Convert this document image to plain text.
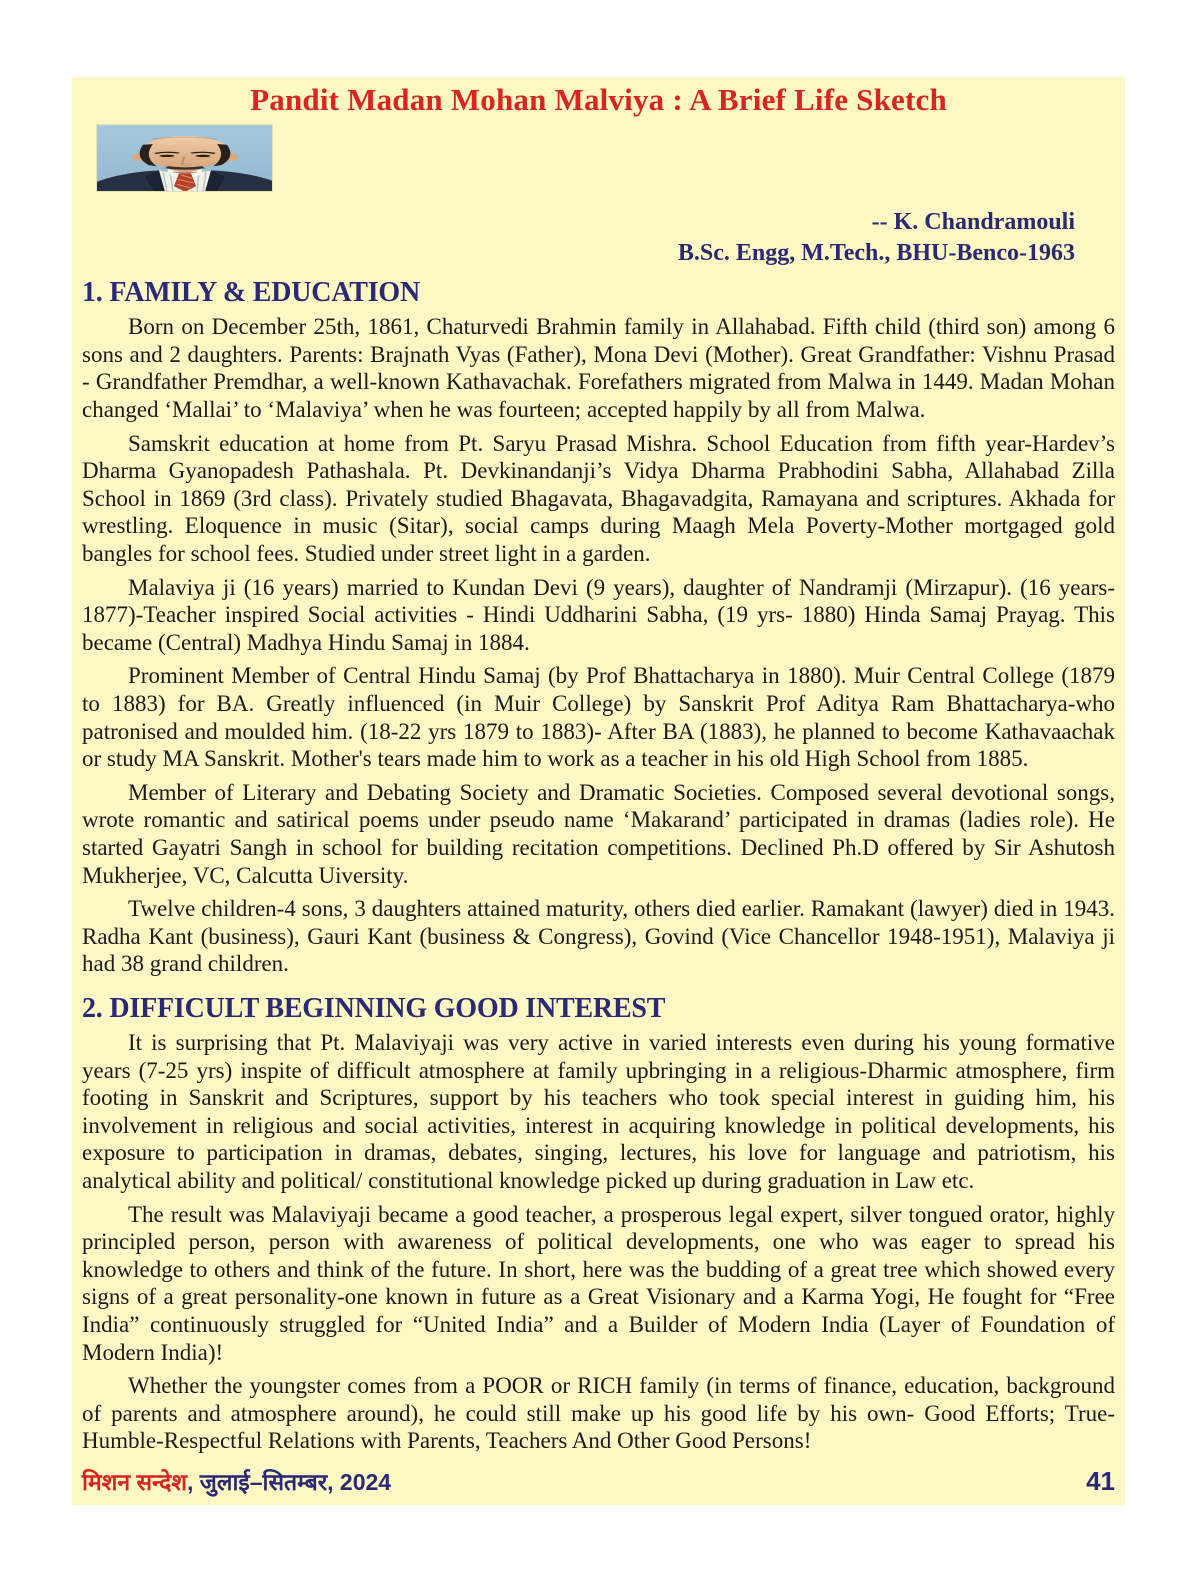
Pandit Madan Mohan Malviya : A Brief Life Sketch
-- K. Chandramouli
B.Sc. Engg, M.Tech., BHU-Benco-1963
1. FAMILY & EDUCATION

Born on December 25th, 1861, Chaturvedi Brahmin family in Allahabad. Fifth child (third son) among 6 sons and 2 daughters. Parents: Brajnath Vyas (Father), Mona Devi (Mother). Great Grandfather: Vishnu Prasad - Grandfather Premdhar, a well-known Kathavachak. Forefathers migrated from Malwa in 1449. Madan Mohan changed ‘Mallai’ to ‘Malaviya’ when he was fourteen; accepted happily by all from Malwa.

Samskrit education at home from Pt. Saryu Prasad Mishra. School Education from fifth year-Hardev’s Dharma Gyanopadesh Pathashala. Pt. Devkinandanji’s Vidya Dharma Prabhodini Sabha, Allahabad Zilla School in 1869 (3rd class). Privately studied Bhagavata, Bhagavadgita, Ramayana and scriptures. Akhada for wrestling. Eloquence in music (Sitar), social camps during Maagh Mela Poverty-Mother mortgaged gold bangles for school fees. Studied under street light in a garden.

Malaviya ji (16 years) married to Kundan Devi (9 years), daughter of Nandramji (Mirzapur). (16 years-1877)-Teacher inspired Social activities - Hindi Uddharini Sabha, (19 yrs- 1880) Hinda Samaj Prayag. This became (Central) Madhya Hindu Samaj in 1884.

Prominent Member of Central Hindu Samaj (by Prof Bhattacharya in 1880). Muir Central College (1879 to 1883) for BA. Greatly influenced (in Muir College) by Sanskrit Prof Aditya Ram Bhattacharya-who patronised and moulded him. (18-22 yrs 1879 to 1883)- After BA (1883), he planned to become Kathavaachak or study MA Sanskrit. Mother's tears made him to work as a teacher in his old High School from 1885.

Member of Literary and Debating Society and Dramatic Societies. Composed several devotional songs, wrote romantic and satirical poems under pseudo name ‘Makarand’ participated in dramas (ladies role). He started Gayatri Sangh in school for building recitation competitions. Declined Ph.D offered by Sir Ashutosh Mukherjee, VC, Calcutta Uiversity.

Twelve children-4 sons, 3 daughters attained maturity, others died earlier. Ramakant (lawyer) died in 1943. Radha Kant (business), Gauri Kant (business & Congress), Govind (Vice Chancellor 1948-1951), Malaviya ji had 38 grand children.

2. DIFFICULT BEGINNING GOOD INTEREST

It is surprising that Pt. Malaviyaji was very active in varied interests even during his young formative years (7-25 yrs) inspite of difficult atmosphere at family upbringing in a religious-Dharmic atmosphere, firm footing in Sanskrit and Scriptures, support by his teachers who took special interest in guiding him, his involvement in religious and social activities, interest in acquiring knowledge in political developments, his exposure to participation in dramas, debates, singing, lectures, his love for language and patriotism, his analytical ability and political/ constitutional knowledge picked up during graduation in Law etc.

The result was Malaviyaji became a good teacher, a prosperous legal expert, silver tongued orator, highly principled person, person with awareness of political developments, one who was eager to spread his knowledge to others and think of the future. In short, here was the budding of a great tree which showed every signs of a great personality-one known in future as a Great Visionary and a Karma Yogi, He fought for “Free India” continuously struggled for “United India” and a Builder of Modern India (Layer of Foundation of Modern India)!

Whether the youngster comes from a POOR or RICH family (in terms of finance, education, background of parents and atmosphere around), he could still make up his good life by his own- Good Efforts; True-Humble-Respectful Relations with Parents, Teachers And Other Good Persons!

मिशन सन्देश, जुलाई–सितम्बर, 2024	41
